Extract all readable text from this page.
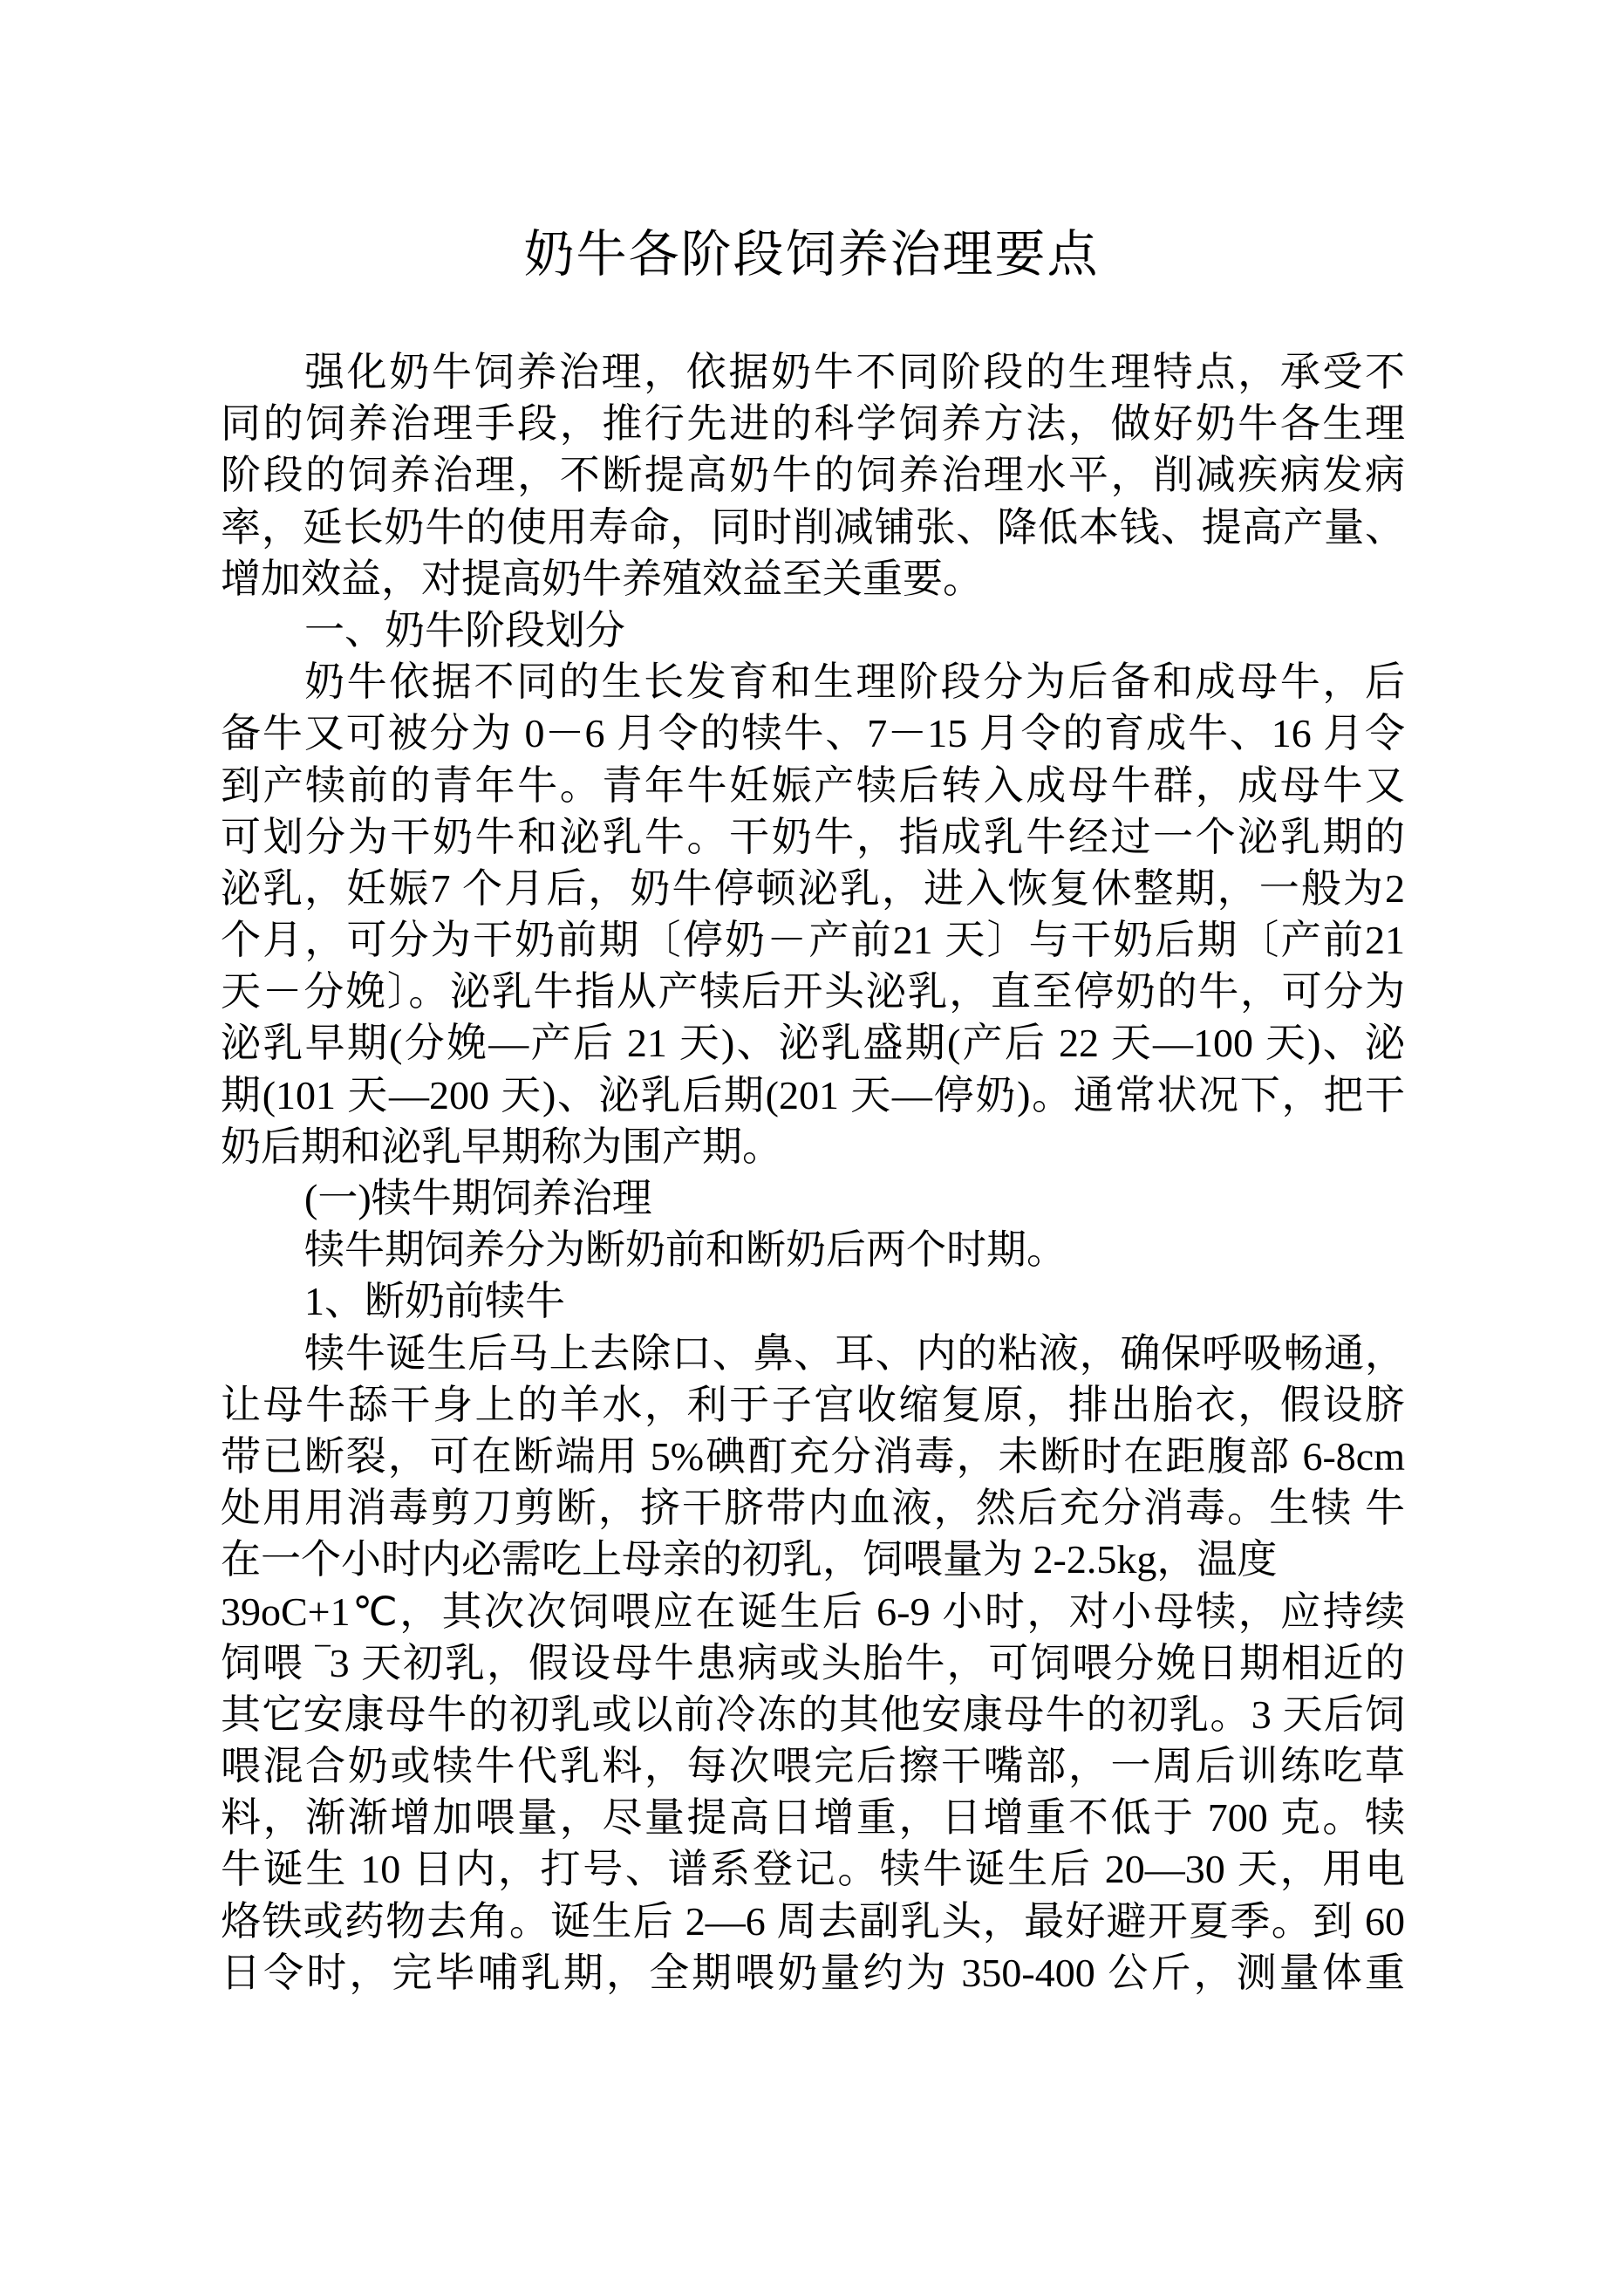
奶牛各阶段饲养治理要点
强化奶牛饲养治理，依据奶牛不同阶段的生理特点，承受不
同的饲养治理手段，推行先进的科学饲养方法，做好奶牛各生理
阶段的饲养治理，不断提高奶牛的饲养治理水平，削减疾病发病
率，延长奶牛的使用寿命，同时削减铺张、降低本钱、提高产量、
增加效益，对提高奶牛养殖效益至关重要。
一、奶牛阶段划分
奶牛依据不同的生长发育和生理阶段分为后备和成母牛，后
备牛又可被分为 0－6 月令的犊牛、7－15 月令的育成牛、16 月令
到产犊前的青年牛。青年牛妊娠产犊后转入成母牛群，成母牛又
可划分为干奶牛和泌乳牛。干奶牛，指成乳牛经过一个泌乳期的
泌乳，妊娠7 个月后，奶牛停顿泌乳，进入恢复休整期，一般为2
个月，可分为干奶前期〔停奶－产前21 天〕与干奶后期〔产前21
天－分娩〕。泌乳牛指从产犊后开头泌乳，直至停奶的牛，可分为
泌乳早期(分娩—产后 21 天)、泌乳盛期(产后 22 天—100 天)、泌
期(101 天—200 天)、泌乳后期(201 天—停奶)。通常状况下，把干
奶后期和泌乳早期称为围产期。
(一)犊牛期饲养治理
犊牛期饲养分为断奶前和断奶后两个时期。
1、断奶前犊牛
犊牛诞生后马上去除口、鼻、耳、内的粘液，确保呼吸畅通，
让母牛舔干身上的羊水，利于子宫收缩复原，排出胎衣，假设脐
带已断裂，可在断端用 5%碘酊充分消毒，未断时在距腹部 6-8cm
处用用消毒剪刀剪断，挤干脐带内血液，然后充分消毒。生犊 牛
在一个小时内必需吃上母亲的初乳，饲喂量为 2-2.5kg，温度
39oC+1℃，其次次饲喂应在诞生后 6-9 小时，对小母犊，应持续
饲喂 ‾3 天初乳，假设母牛患病或头胎牛，可饲喂分娩日期相近的
其它安康母牛的初乳或以前冷冻的其他安康母牛的初乳。3 天后饲
喂混合奶或犊牛代乳料，每次喂完后擦干嘴部，一周后训练吃草
料，渐渐增加喂量，尽量提高日增重，日增重不低于 700 克。犊
牛诞生 10 日内，打号、谱系登记。犊牛诞生后 20—30 天，用电
烙铁或药物去角。诞生后 2—6 周去副乳头，最好避开夏季。到 60
日令时，完毕哺乳期，全期喂奶量约为 350-400 公斤，测量体重
